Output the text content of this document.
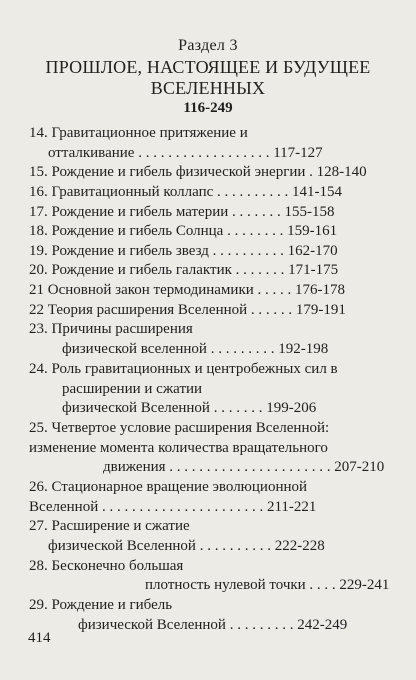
Раздел 3
ПРОШЛОЕ, НАСТОЯЩЕЕ И БУДУЩЕЕ
ВСЕЛЕННЫХ
116-249
14. Гравитационное притяжение и
отталкивание . . . . . . . . . . . . . . . . . . 117-127
15. Рождение и гибель физической энергии . 128-140
16. Гравитационный коллапс . . . . . . . . . . 141-154
17. Рождение и гибель материи . . . . . . . 155-158
18. Рождение и гибель Солнца . . . . . . . . 159-161
19. Рождение и гибель звезд . . . . . . . . . . 162-170
20. Рождение и гибель галактик . . . . . . . 171-175
21 Основной закон термодинамики . . . . . 176-178
22 Теория расширения Вселенной . . . . . . 179-191
23. Причины расширения
физической вселенной . . . . . . . . . 192-198
24. Роль гравитационных и центробежных сил в
расширении и сжатии
физической Вселенной . . . . . . . 199-206
25. Четвертое условие расширения Вселенной:
изменение момента количества вращательного
движения . . . . . . . . . . . . . . . . . . . . . . 207-210
26. Стационарное вращение эволюционной
Вселенной . . . . . . . . . . . . . . . . . . . . . . 211-221
27. Расширение и сжатие
физической Вселенной . . . . . . . . . . 222-228
28. Бесконечно большая
плотность нулевой точки . . . . 229-241
29. Рождение и гибель
физической Вселенной . . . . . . . . . 242-249
414
